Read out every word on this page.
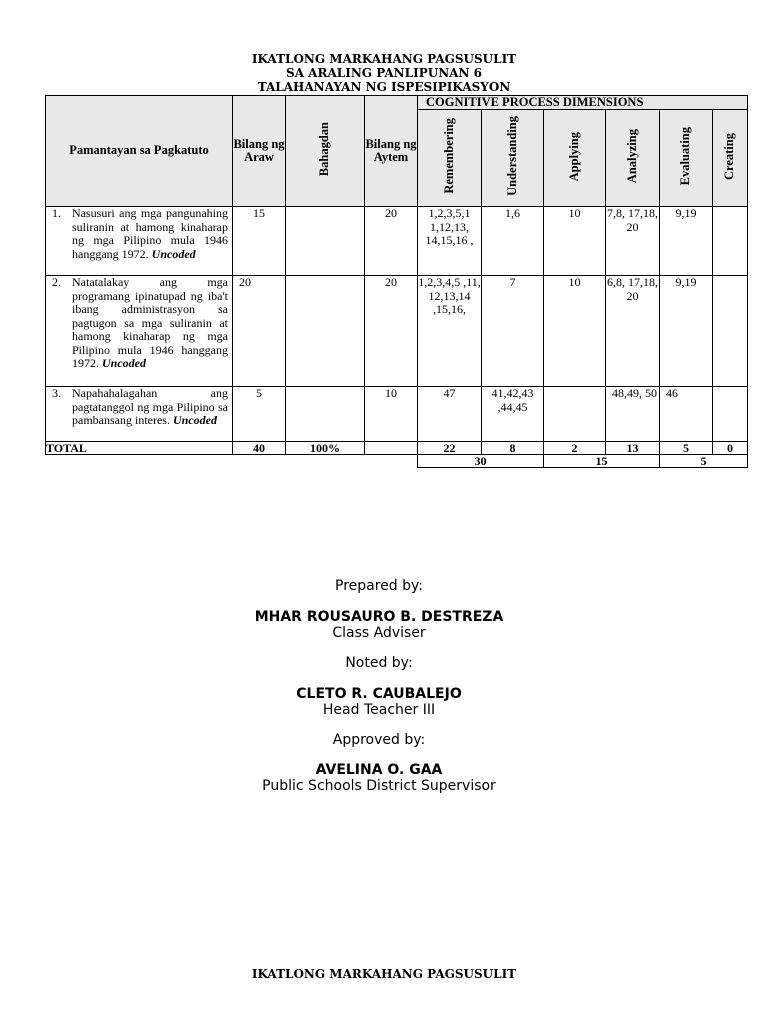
IKATLONG MARKAHANG PAGSUSULIT
SA ARALING PANLIPUNAN 6
TALAHANAYAN NG ISPESIPIKASYON
Pamantayan sa Pagkatuto	Bilang ng Araw	Bahagdan	Bilang ng Aytem	COGNITIVE PROCESS DIMENSIONS					
				Remembering	Understanding	Applying	Analyzing	Evaluating	Creating

1. Nasusuri ang mga pangunahing suliranin at hamong kinaharap ng mga Pilipino mula 1946 hanggang 1972. Uncoded	15		20	1,2,3,5,1 1,12,13, 14,15,16 ,	1,6	10	7,8, 17,18, 20	9,19	

2. Natatalakay ang mga programang ipinatupad ng iba't ibang administrasyon sa pagtugon sa mga suliranin at hamong kinaharap ng mga Pilipino mula 1946 hanggang 1972. Uncoded	20		20	1,2,3,4,5 ,11, 12,13,14 ,15,16,	7	10	6,8, 17,18, 20	9,19	

3. Napahahalagahan ang pagtatanggol ng mga Pilipino sa pambansang interes. Uncoded	5		10	47	41,42,43 ,44,45		48,49, 50	46	
TOTAL	40	100%		22	8	2	13	5	0
				30		15		5	
Prepared by:
MHAR ROUSAURO B. DESTREZA
Class Adviser
Noted by:
CLETO R. CAUBALEJO
Head Teacher III
Approved by:
AVELINA O. GAA
Public Schools District Supervisor
IKATLONG MARKAHANG PAGSUSULIT
